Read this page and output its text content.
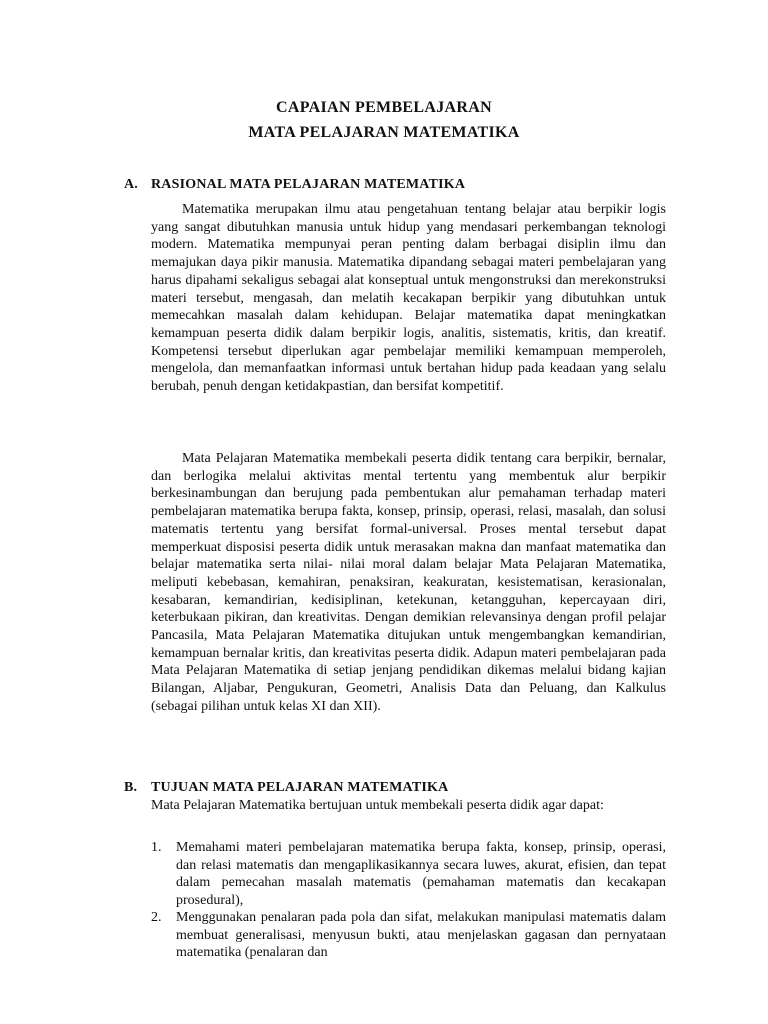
CAPAIAN PEMBELAJARAN
MATA PELAJARAN MATEMATIKA
A. RASIONAL MATA PELAJARAN MATEMATIKA

Matematika merupakan ilmu atau pengetahuan tentang belajar atau berpikir logis yang sangat dibutuhkan manusia untuk hidup yang mendasari perkembangan teknologi modern. Matematika mempunyai peran penting dalam berbagai disiplin ilmu dan memajukan daya pikir manusia. Matematika dipandang sebagai materi pembelajaran yang harus dipahami sekaligus sebagai alat konseptual untuk mengonstruksi dan merekonstruksi materi tersebut, mengasah, dan melatih kecakapan berpikir yang dibutuhkan untuk memecahkan masalah dalam kehidupan. Belajar matematika dapat meningkatkan kemampuan peserta didik dalam berpikir logis, analitis, sistematis, kritis, dan kreatif. Kompetensi tersebut diperlukan agar pembelajar memiliki kemampuan memperoleh, mengelola, dan memanfaatkan informasi untuk bertahan hidup pada keadaan yang selalu berubah, penuh dengan ketidakpastian, dan bersifat kompetitif.

Mata Pelajaran Matematika membekali peserta didik tentang cara berpikir, bernalar, dan berlogika melalui aktivitas mental tertentu yang membentuk alur berpikir berkesinambungan dan berujung pada pembentukan alur pemahaman terhadap materi pembelajaran matematika berupa fakta, konsep, prinsip, operasi, relasi, masalah, dan solusi matematis tertentu yang bersifat formal-universal. Proses mental tersebut dapat memperkuat disposisi peserta didik untuk merasakan makna dan manfaat matematika dan belajar matematika serta nilai- nilai moral dalam belajar Mata Pelajaran Matematika, meliputi kebebasan, kemahiran, penaksiran, keakuratan, kesistematisan, kerasionalan, kesabaran, kemandirian, kedisiplinan, ketekunan, ketangguhan, kepercayaan diri, keterbukaan pikiran, dan kreativitas. Dengan demikian relevansinya dengan profil pelajar Pancasila, Mata Pelajaran Matematika ditujukan untuk mengembangkan kemandirian, kemampuan bernalar kritis, dan kreativitas peserta didik. Adapun materi pembelajaran pada Mata Pelajaran Matematika di setiap jenjang pendidikan dikemas melalui bidang kajian Bilangan, Aljabar, Pengukuran, Geometri, Analisis Data dan Peluang, dan Kalkulus (sebagai pilihan untuk kelas XI dan XII).

B. TUJUAN MATA PELAJARAN MATEMATIKA

Mata Pelajaran Matematika bertujuan untuk membekali peserta didik agar dapat:

1.	Memahami materi pembelajaran matematika berupa fakta, konsep, prinsip, operasi, dan relasi matematis dan mengaplikasikannya secara luwes, akurat, efisien, dan tepat dalam pemecahan masalah matematis (pemahaman matematis dan kecakapan prosedural),
2.	Menggunakan penalaran pada pola dan sifat, melakukan manipulasi matematis dalam membuat generalisasi, menyusun bukti, atau menjelaskan gagasan dan pernyataan matematika (penalaran dan
